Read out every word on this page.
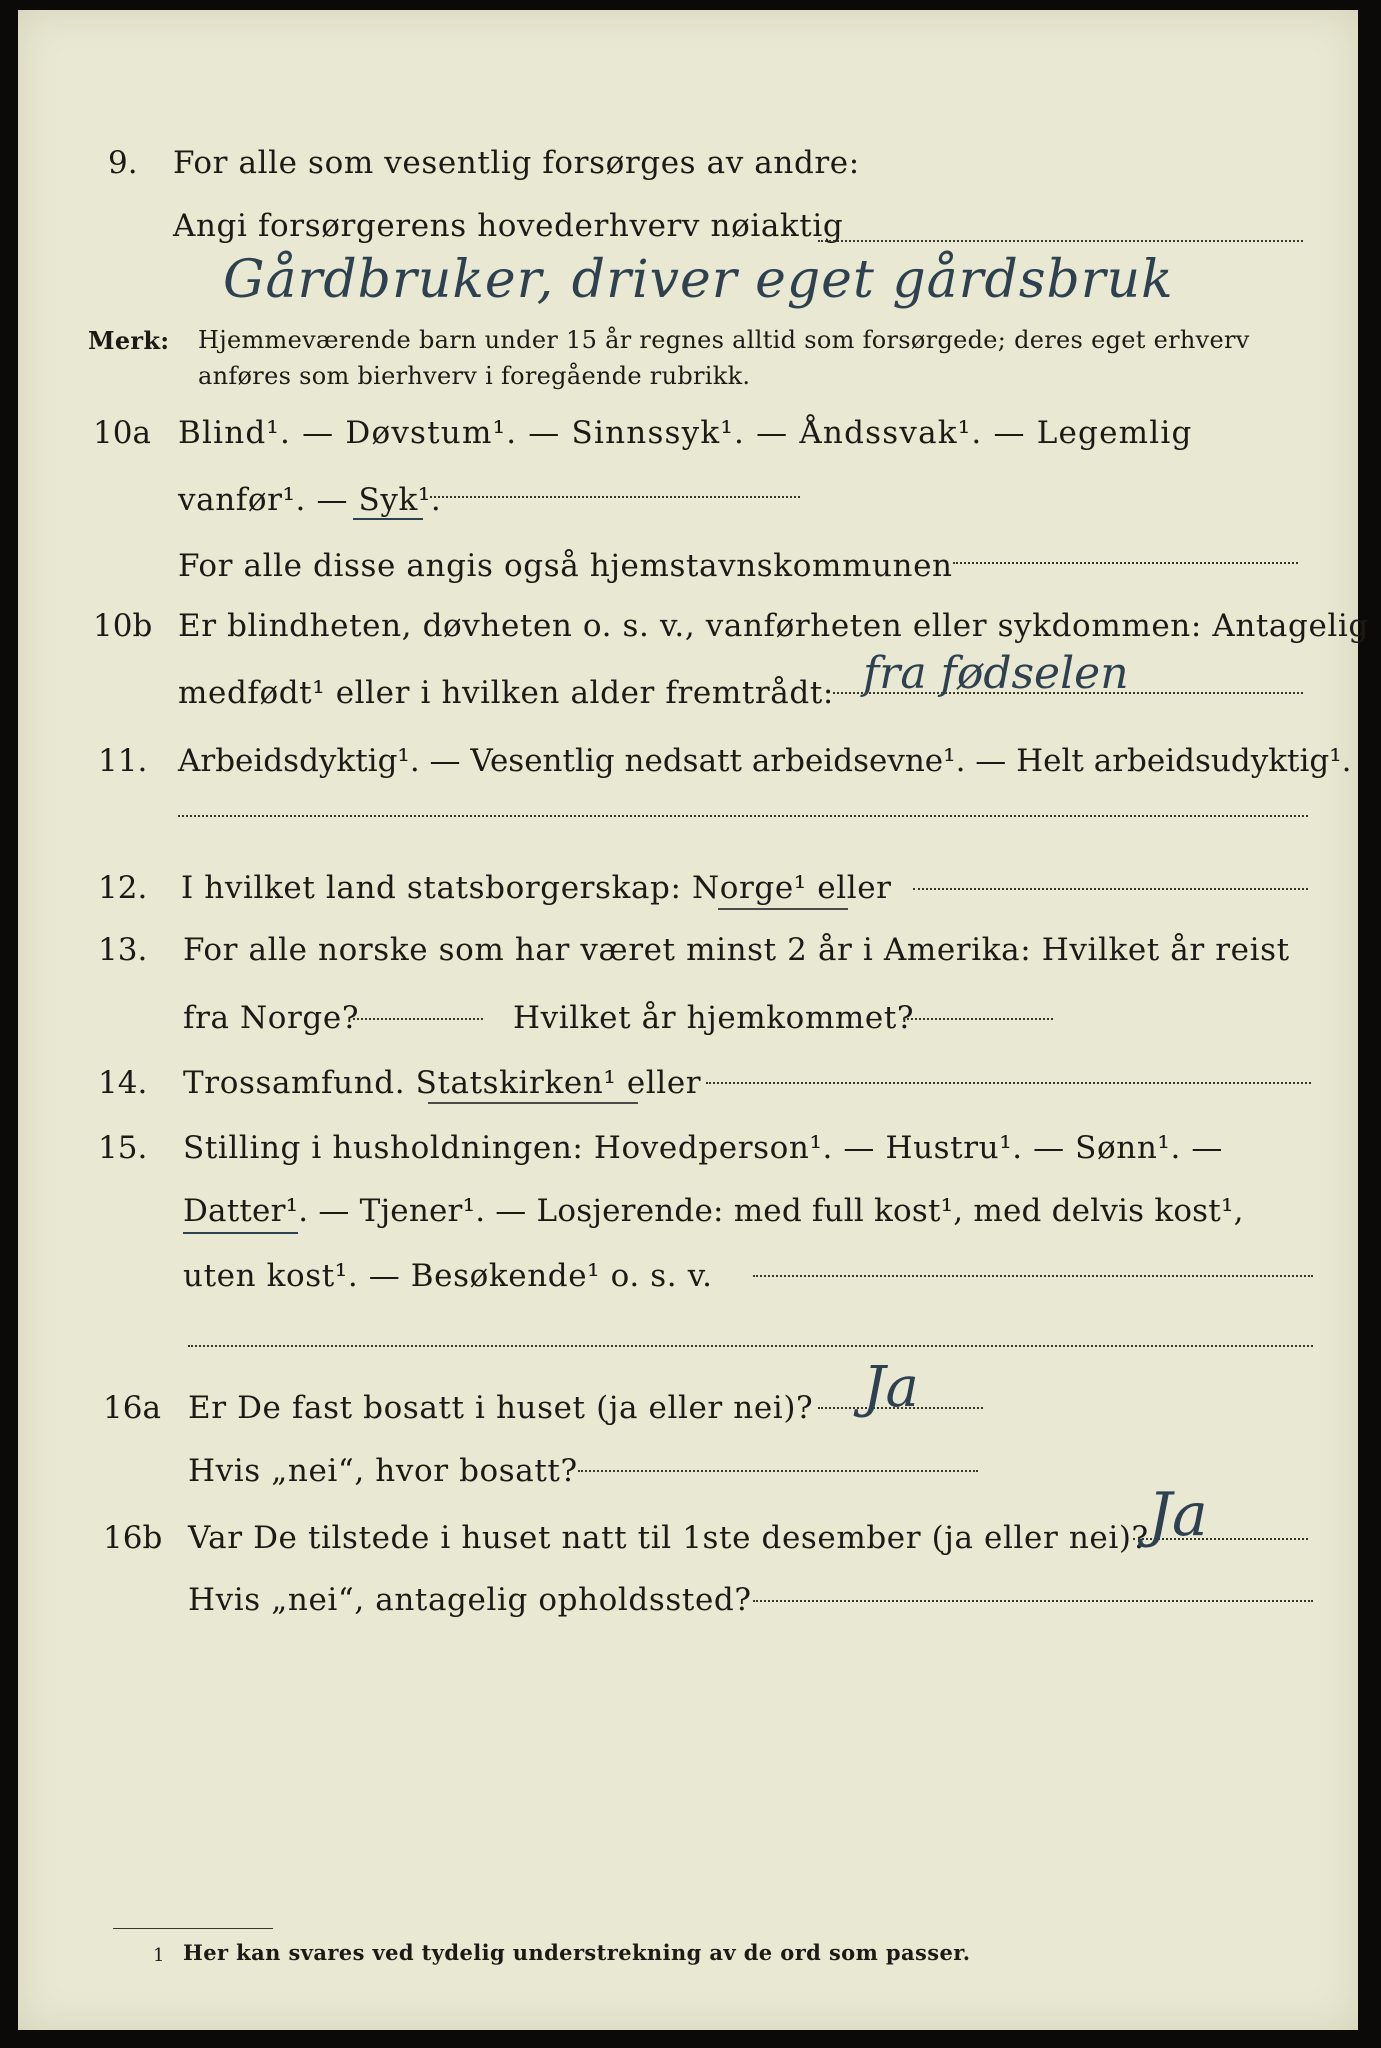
9. For alle som vesentlig forsørges av andre:
Angi forsørgerens hovederhverv nøiaktig
Gårdbruker, driver eget gårdsbruk
Merk: Hjemmeværende barn under 15 år regnes alltid som forsørgede; deres eget erhverv
anføres som bierhverv i foregående rubrikk.
10a Blind¹. — Døvstum¹. — Sinnssyk¹. — Åndssvak¹. — Legemlig
vanfør¹. — Syk¹.
For alle disse angis også hjemstavnskommunen
10b Er blindheten, døvheten o. s. v., vanførheten eller sykdommen: Antagelig
medfødt¹ eller i hvilken alder fremtrådt: fra fødselen
11. Arbeidsdyktig¹. — Vesentlig nedsatt arbeidsevne¹. — Helt arbeidsudyktig¹.
12. I hvilket land statsborgerskap: Norge¹ eller
13. For alle norske som har været minst 2 år i Amerika: Hvilket år reist
fra Norge?	Hvilket år hjemkommet?
14. Trossamfund. Statskirken¹ eller
15. Stilling i husholdningen: Hovedperson¹. — Hustru¹. — Sønn¹. —
Datter¹. — Tjener¹. — Losjerende: med full kost¹, med delvis kost¹,
uten kost¹. — Besøkende¹ o. s. v.
16a Er De fast bosatt i huset (ja eller nei)? Ja
Hvis „nei“, hvor bosatt?
16b Var De tilstede i huset natt til 1ste desember (ja eller nei)? Ja
Hvis „nei“, antagelig opholdssted?
1 Her kan svares ved tydelig understrekning av de ord som passer.
